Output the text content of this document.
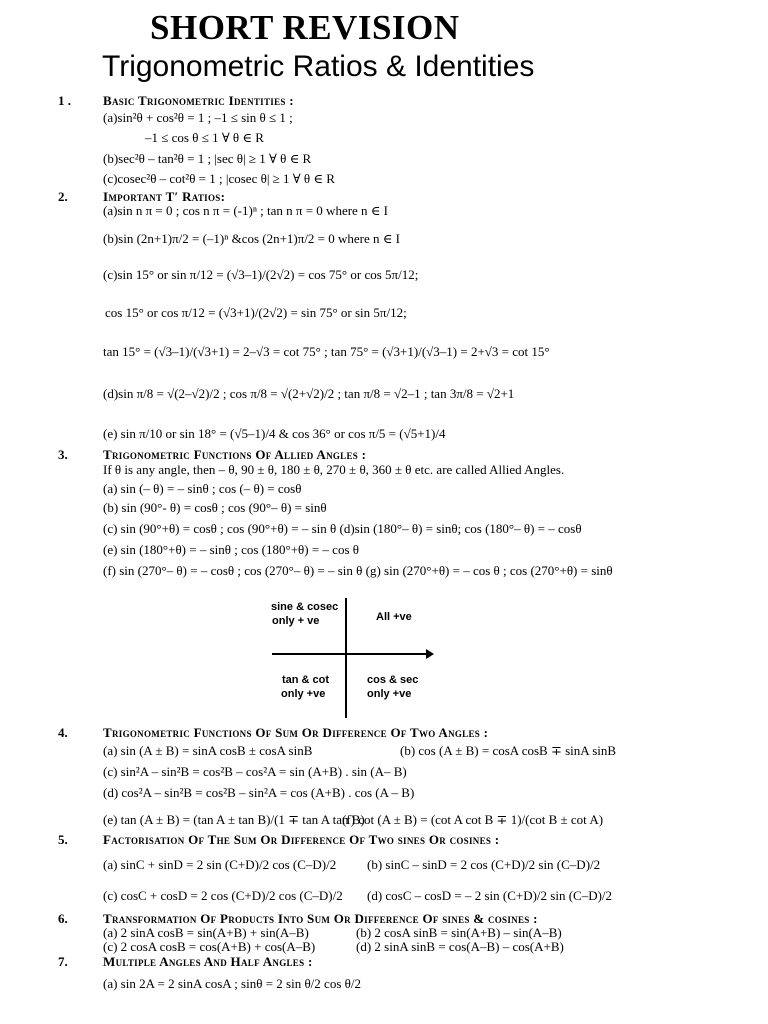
SHORT REVISION
Trigonometric Ratios & Identities
1 . Basic Trigonometric Identities :
(a)sin²θ + cos²θ = 1 ; –1 ≤ sin θ ≤ 1 ;
–1 ≤ cos θ ≤ 1 ∀ θ ∈ R
(b)sec²θ – tan²θ = 1 ; |sec θ| ≥ 1 ∀ θ ∈ R
(c)cosec²θ – cot²θ = 1 ; |cosec θ| ≥ 1 ∀ θ ∈ R
2.	Important T′ Ratios:
(a)sin n π = 0 ; cos n π = (-1)ⁿ ; tan n π = 0 where n ∈ I
(b)sin (2n+1)π/2 = (–1)ⁿ &cos (2n+1)π/2 = 0 where n ∈ I
(c)sin 15° or sin π/12 = (√3–1)/(2√2) = cos 75° or cos 5π/12;
cos 15° or cos π/12 = (√3+1)/(2√2) = sin 75° or sin 5π/12;
tan 15° = (√3–1)/(√3+1) = 2–√3 = cot 75° ; tan 75° = (√3+1)/(√3–1) = 2+√3 = cot 15°
(d)sin π/8 = √(2–√2)/2 ; cos π/8 = √(2+√2)/2 ; tan π/8 = √2–1 ; tan 3π/8 = √2+1
(e) sin π/10 or sin 18° = (√5–1)/4 & cos 36° or cos π/5 = (√5+1)/4
3.	Trigonometric Functions Of Allied Angles :
If θ is any angle, then – θ, 90 ± θ, 180 ± θ, 270 ± θ, 360 ± θ etc. are called Allied Angles.
(a) sin (– θ) = – sinθ ; cos (– θ) = cosθ
(b) sin (90°- θ) = cosθ ; cos (90°– θ) = sinθ
(c) sin (90°+θ) = cosθ ; cos (90°+θ) = – sin θ (d)sin (180°– θ) = sinθ; cos (180°– θ) = – cosθ
(e) sin (180°+θ) = – sinθ ; cos (180°+θ) = – cos θ
(f) sin (270°– θ) = – cosθ ; cos (270°– θ) = – sin θ (g) sin (270°+θ) = – cos θ ; cos (270°+θ) = sinθ
sine & cosec
only + ve	All +ve
tan & cot
only +ve
cos & sec
only +ve
4.	Trigonometric Functions Of Sum Or Difference Of Two Angles :
(a) sin (A ± B) = sinA cosB ± cosA sinB	(b) cos (A ± B) = cosA cosB ∓ sinA sinB
(c) sin²A – sin²B = cos²B – cos²A = sin (A+B) . sin (A– B)
(d) cos²A – sin²B = cos²B – sin²A = cos (A+B) . cos (A – B)
(e) tan (A ± B) = (tan A ± tan B)/(1 ∓ tan A tan B)
(f) cot (A ± B) = (cot A cot B ∓ 1)/(cot B ± cot A)
5.	Factorisation Of The Sum Or Difference Of Two sines Or cosines :
(a) sinC + sinD = 2 sin (C+D)/2 cos (C–D)/2 (b) sinC – sinD = 2 cos (C+D)/2 sin (C–D)/2
(c) cosC + cosD = 2 cos (C+D)/2 cos (C–D)/2 (d) cosC – cosD = – 2 sin (C+D)/2 sin (C–D)/2
6.	Transformation Of Products Into Sum Or Difference Of sines & cosines :
(a) 2 sinA cosB = sin(A+B) + sin(A–B)	(b) 2 cosA sinB = sin(A+B) – sin(A–B)
(c) 2 cosA cosB = cos(A+B) + cos(A–B)	(d) 2 sinA sinB = cos(A–B) – cos(A+B)
7.	Multiple Angles And Half Angles :
(a) sin 2A = 2 sinA cosA ; sinθ = 2 sin θ/2 cos θ/2
